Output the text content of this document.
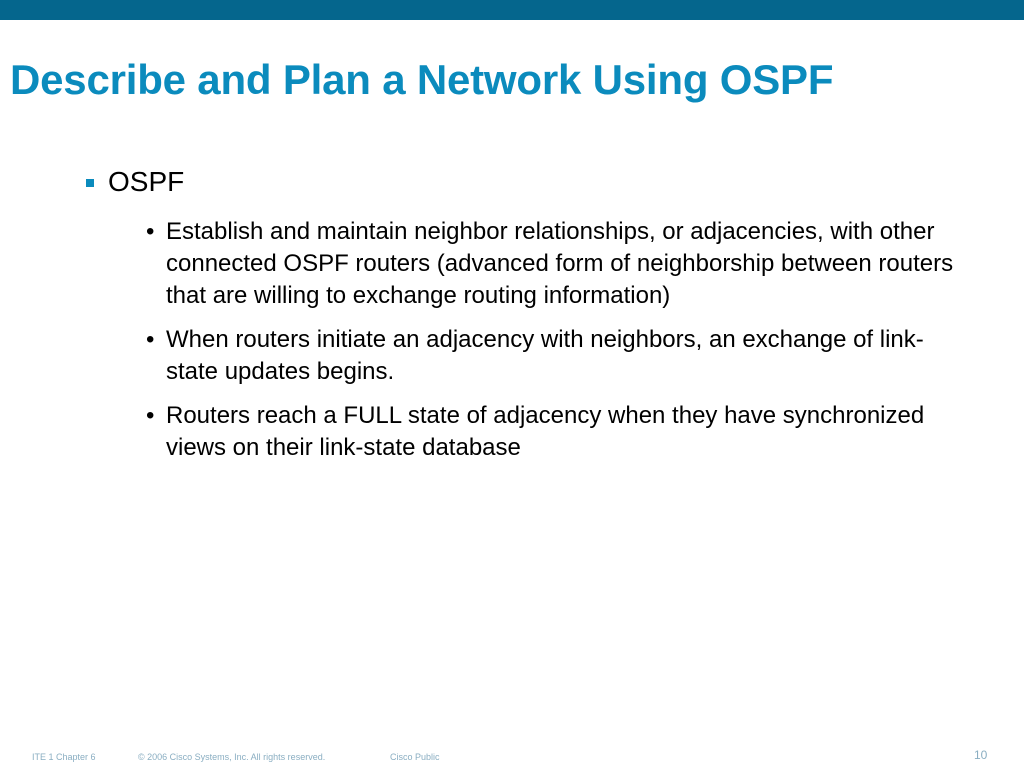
Describe and Plan a Network Using OSPF
OSPF
• Establish and maintain neighbor relationships, or adjacencies, with other connected OSPF routers (advanced form of neighborship between routers that are willing to exchange routing information)
• When routers initiate an adjacency with neighbors, an exchange of link-state updates begins.
• Routers reach a FULL state of adjacency when they have synchronized views on their link-state database
ITE 1 Chapter 6	© 2006 Cisco Systems, Inc. All rights reserved.	Cisco Public	10
